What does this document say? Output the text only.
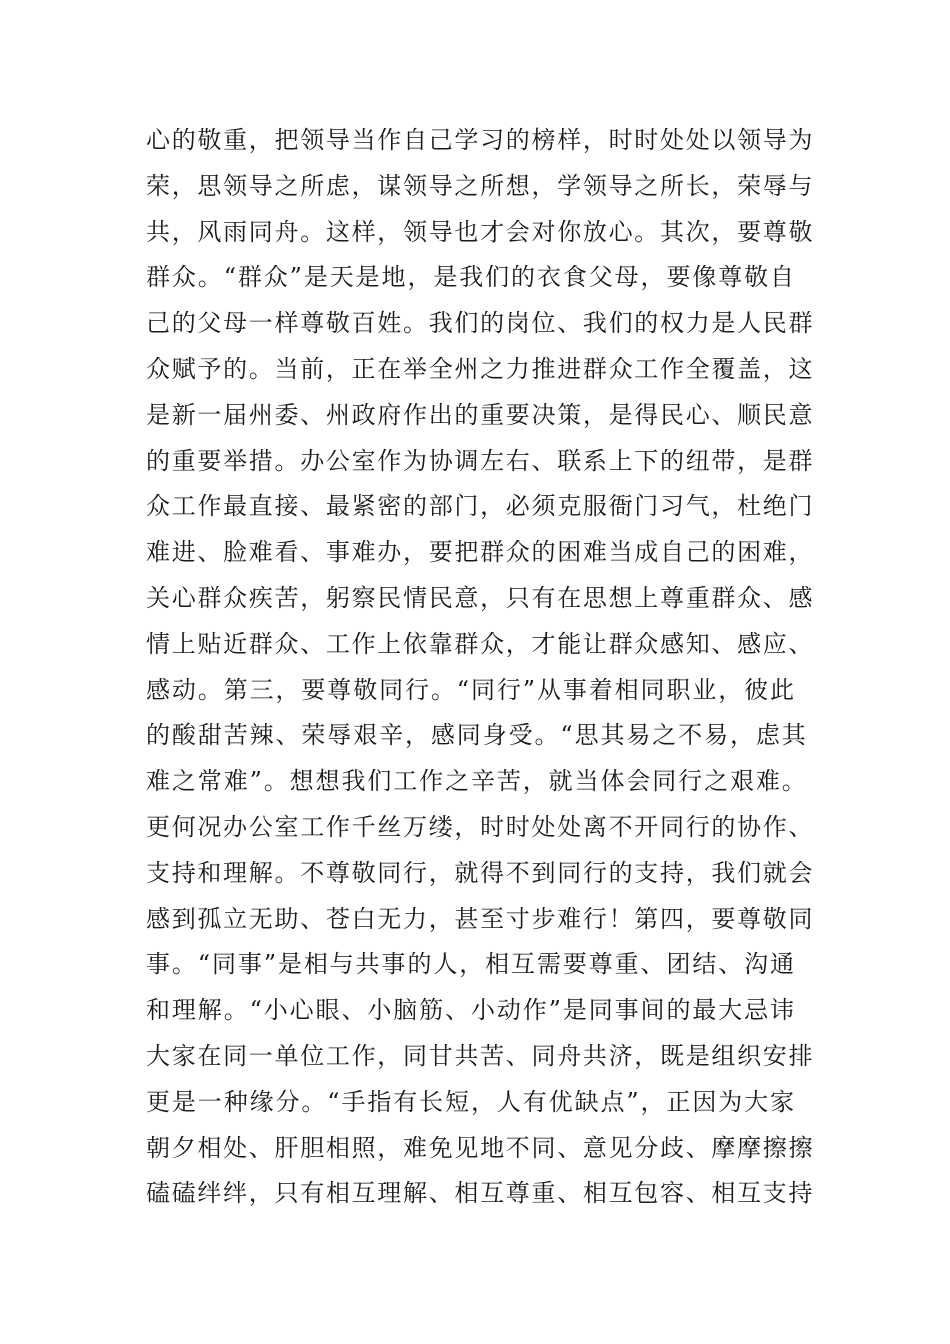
心的敬重，把领导当作自己学习的榜样，时时处处以领导为
荣，思领导之所虑，谋领导之所想，学领导之所长，荣辱与
共，风雨同舟。这样，领导也才会对你放心。其次，要尊敬
群众。“群众”是天是地，是我们的衣食父母，要像尊敬自
己的父母一样尊敬百姓。我们的岗位、我们的权力是人民群
众赋予的。当前，正在举全州之力推进群众工作全覆盖，这
是新一届州委、州政府作出的重要决策，是得民心、顺民意
的重要举措。办公室作为协调左右、联系上下的纽带，是群
众工作最直接、最紧密的部门，必须克服衙门习气，杜绝门
难进、脸难看、事难办，要把群众的困难当成自己的困难，
关心群众疾苦，躬察民情民意，只有在思想上尊重群众、感
情上贴近群众、工作上依靠群众，才能让群众感知、感应、
感动。第三，要尊敬同行。“同行”从事着相同职业，彼此
的酸甜苦辣、荣辱艰辛，感同身受。“思其易之不易，虑其
难之常难”。想想我们工作之辛苦，就当体会同行之艰难。
更何况办公室工作千丝万缕，时时处处离不开同行的协作、
支持和理解。不尊敬同行，就得不到同行的支持，我们就会
感到孤立无助、苍白无力，甚至寸步难行！第四，要尊敬同
事。“同事”是相与共事的人，相互需要尊重、团结、沟通
和理解。“小心眼、小脑筋、小动作”是同事间的最大忌讳
大家在同一单位工作，同甘共苦、同舟共济，既是组织安排
更是一种缘分。“手指有长短，人有优缺点”，正因为大家
朝夕相处、肝胆相照，难免见地不同、意见分歧、摩摩擦擦
磕磕绊绊，只有相互理解、相互尊重、相互包容、相互支持
